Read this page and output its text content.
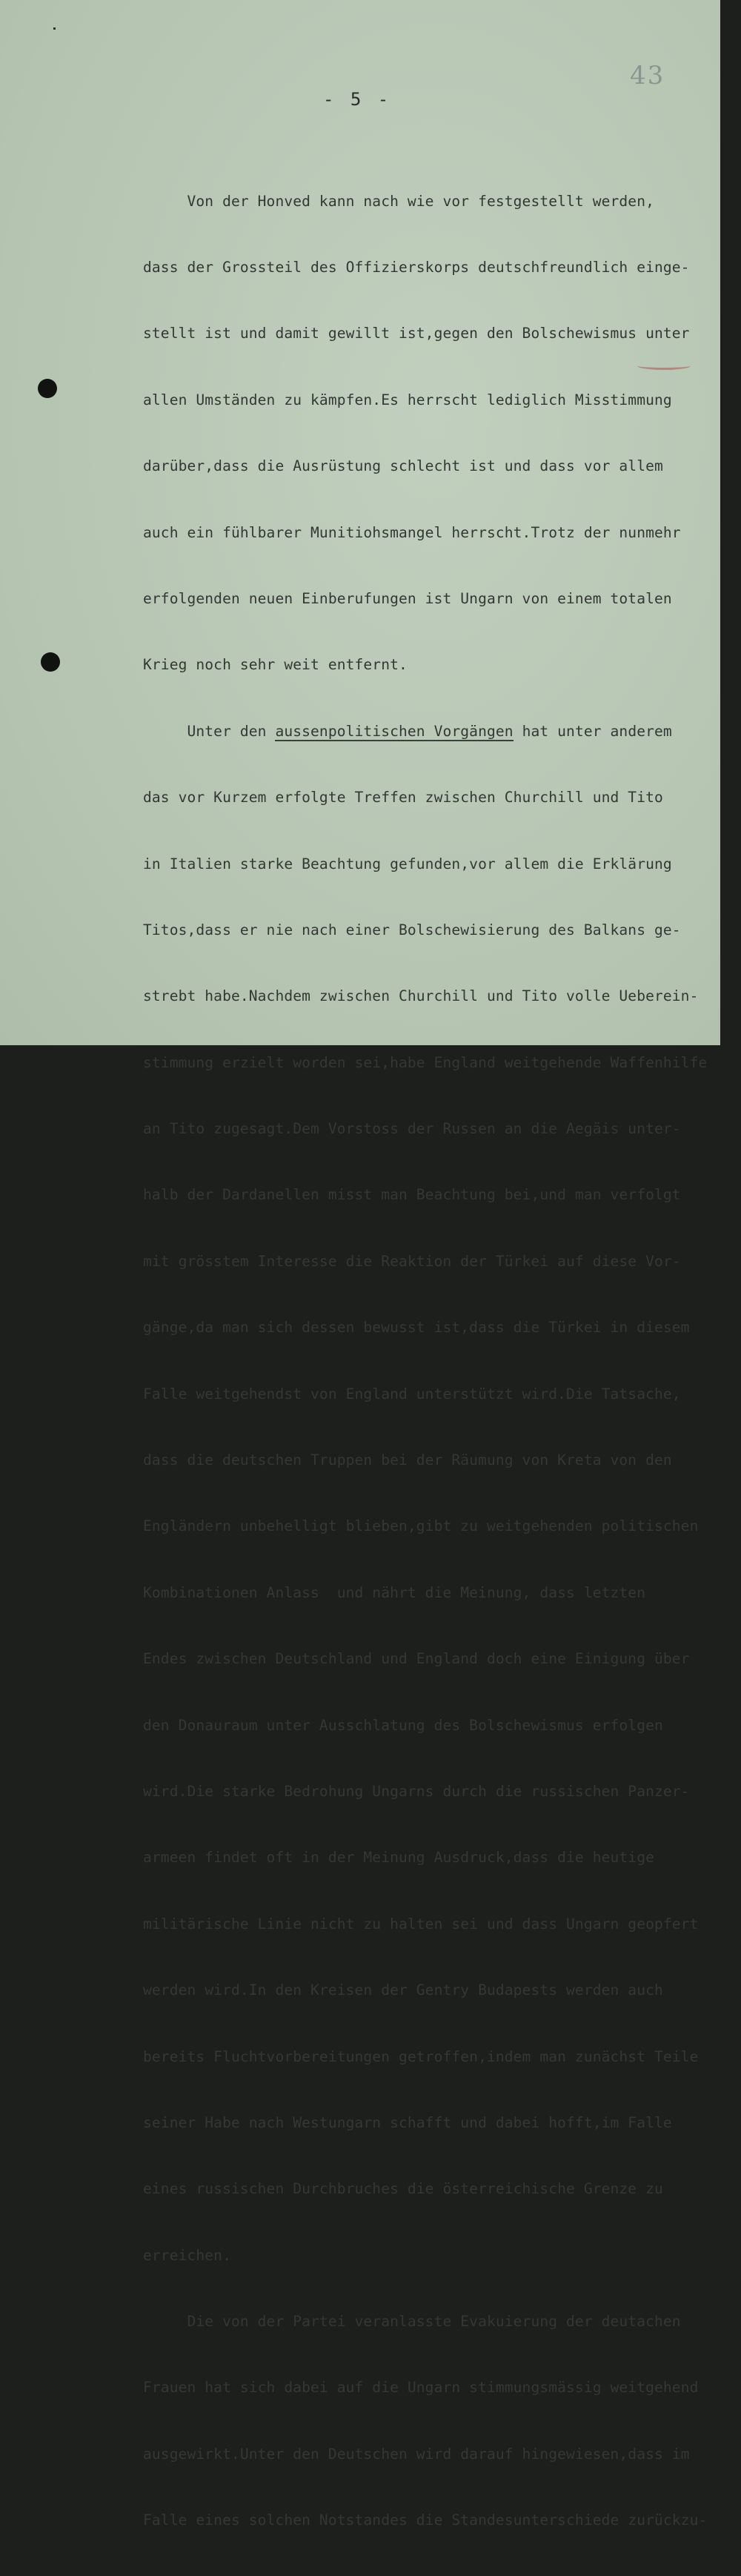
43
- 5 -

Von der Honved kann nach wie vor festgestellt werden,

dass der Grossteil des Offizierskorps deutschfreundlich einge-

stellt ist und damit gewillt ist,gegen den Bolschewismus unter

allen Umständen zu kämpfen.Es herrscht lediglich Misstimmung

darüber,dass die Ausrüstung schlecht ist und dass vor allem

auch ein fühlbarer Munitiohsmangel herrscht.Trotz der nunmehr

erfolgenden neuen Einberufungen ist Ungarn von einem totalen

Krieg noch sehr weit entfernt.

Unter den aussenpolitischen Vorgängen hat unter anderem

das vor Kurzem erfolgte Treffen zwischen Churchill und Tito

in Italien starke Beachtung gefunden,vor allem die Erklärung

Titos,dass er nie nach einer Bolschewisierung des Balkans ge-

strebt habe.Nachdem zwischen Churchill und Tito volle Ueberein-

stimmung erzielt worden sei,habe England weitgehende Waffenhilfe

an Tito zugesagt.Dem Vorstoss der Russen an die Aegäis unter-

halb der Dardanellen misst man Beachtung bei,und man verfolgt

mit grösstem Interesse die Reaktion der Türkei auf diese Vor-

gänge,da man sich dessen bewusst ist,dass die Türkei in diesem

Falle weitgehendst von England unterstützt wird.Die Tatsache,

dass die deutschen Truppen bei der Räumung von Kreta von den

Engländern unbehelligt blieben,gibt zu weitgehenden politischen

Kombinationen Anlass  und nährt die Meinung, dass letzten

Endes zwischen Deutschland und England doch eine Einigung über

den Donauraum unter Ausschlatung des Bolschewismus erfolgen

wird.Die starke Bedrohung Ungarns durch die russischen Panzer-

armeen findet oft in der Meinung Ausdruck,dass die heutige

militärische Linie nicht zu halten sei und dass Ungarn geopfert

werden wird.In den Kreisen der Gentry Budapests werden auch

bereits Fluchtvorbereitungen getroffen,indem man zunächst Teile

seiner Habe nach Westungarn schafft und dabei hofft,im Falle

eines russischen Durchbruches die österreichische Grenze zu

erreichen.

Die von der Partei veranlasste Evakuierung der deutachen

Frauen hat sich dabei auf die Ungarn stimmungsmässig weitgehend

ausgewirkt.Unter den Deutschen wird darauf hingewiesen,dass im

Falle eines solchen Notstandes die Standesunterschiede zurückzu-
